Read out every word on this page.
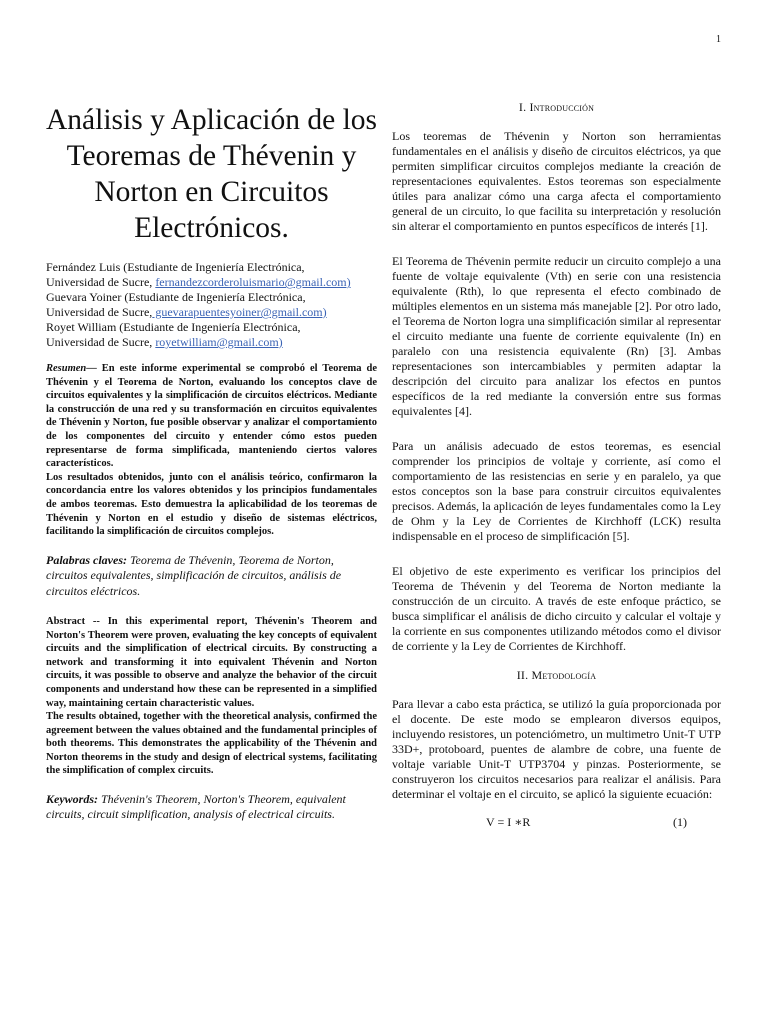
1
Análisis y Aplicación de los Teoremas de Thévenin y Norton en Circuitos Electrónicos.
Fernández Luis (Estudiante de Ingeniería Electrónica,
Universidad de Sucre, fernandezcorderoluismario@gmail.com)
Guevara Yoiner (Estudiante de Ingeniería Electrónica,
Universidad de Sucre, guevarapuentesyoiner@gmail.com)
Royet William (Estudiante de Ingeniería Electrónica,
Universidad de Sucre, royetwilliam@gmail.com)

Resumen— En este informe experimental se comprobó el Teorema de Thévenin y el Teorema de Norton, evaluando los conceptos clave de circuitos equivalentes y la simplificación de circuitos eléctricos. Mediante la construcción de una red y su transformación en circuitos equivalentes de Thévenin y Norton, fue posible observar y analizar el comportamiento de los componentes del circuito y entender cómo estos pueden representarse de forma simplificada, manteniendo ciertos valores característicos.

Los resultados obtenidos, junto con el análisis teórico, confirmaron la concordancia entre los valores obtenidos y los principios fundamentales de ambos teoremas. Esto demuestra la aplicabilidad de los teoremas de Thévenin y Norton en el estudio y diseño de sistemas eléctricos, facilitando la simplificación de circuitos complejos.

Palabras claves: Teorema de Thévenin, Teorema de Norton, circuitos equivalentes, simplificación de circuitos, análisis de circuitos eléctricos.

Abstract -- In this experimental report, Thévenin's Theorem and Norton's Theorem were proven, evaluating the key concepts of equivalent circuits and the simplification of electrical circuits. By constructing a network and transforming it into equivalent Thévenin and Norton circuits, it was possible to observe and analyze the behavior of the circuit components and understand how these can be represented in a simplified way, maintaining certain characteristic values.

The results obtained, together with the theoretical analysis, confirmed the agreement between the values obtained and the fundamental principles of both theorems. This demonstrates the applicability of the Thévenin and Norton theorems in the study and design of electrical systems, facilitating the simplification of complex circuits.

Keywords: Thévenin's Theorem, Norton's Theorem, equivalent circuits, circuit simplification, analysis of electrical circuits.

I. Introducción

Los teoremas de Thévenin y Norton son herramientas fundamentales en el análisis y diseño de circuitos eléctricos, ya que permiten simplificar circuitos complejos mediante la creación de representaciones equivalentes. Estos teoremas son especialmente útiles para analizar cómo una carga afecta el comportamiento general de un circuito, lo que facilita su interpretación y resolución sin alterar el comportamiento en puntos específicos de interés [1].

El Teorema de Thévenin permite reducir un circuito complejo a una fuente de voltaje equivalente (Vth) en serie con una resistencia equivalente (Rth), lo que representa el efecto combinado de múltiples elementos en un sistema más manejable [2]. Por otro lado, el Teorema de Norton logra una simplificación similar al representar el circuito mediante una fuente de corriente equivalente (In) en paralelo con una resistencia equivalente (Rn) [3]. Ambas representaciones son intercambiables y permiten adaptar la descripción del circuito para analizar los efectos en puntos específicos de la red mediante la conversión entre sus formas equivalentes [4].

Para un análisis adecuado de estos teoremas, es esencial comprender los principios de voltaje y corriente, así como el comportamiento de las resistencias en serie y en paralelo, ya que estos conceptos son la base para construir circuitos equivalentes precisos. Además, la aplicación de leyes fundamentales como la Ley de Ohm y la Ley de Corrientes de Kirchhoff (LCK) resulta indispensable en el proceso de simplificación [5].

El objetivo de este experimento es verificar los principios del Teorema de Thévenin y del Teorema de Norton mediante la construcción de un circuito. A través de este enfoque práctico, se busca simplificar el análisis de dicho circuito y calcular el voltaje y la corriente en sus componentes utilizando métodos como el divisor de corriente y la Ley de Corrientes de Kirchhoff.

II. Metodología

Para llevar a cabo esta práctica, se utilizó la guía proporcionada por el docente. De este modo se emplearon diversos equipos, incluyendo resistores, un potenciómetro, un multimetro Unit-T UTP 33D+, protoboard, puentes de alambre de cobre, una fuente de voltaje variable Unit-T UTP3704 y pinzas. Posteriormente, se construyeron los circuitos necesarios para realizar el análisis. Para determinar el voltaje en el circuito, se aplicó la siguiente ecuación:

V = I ∗R	(1)
